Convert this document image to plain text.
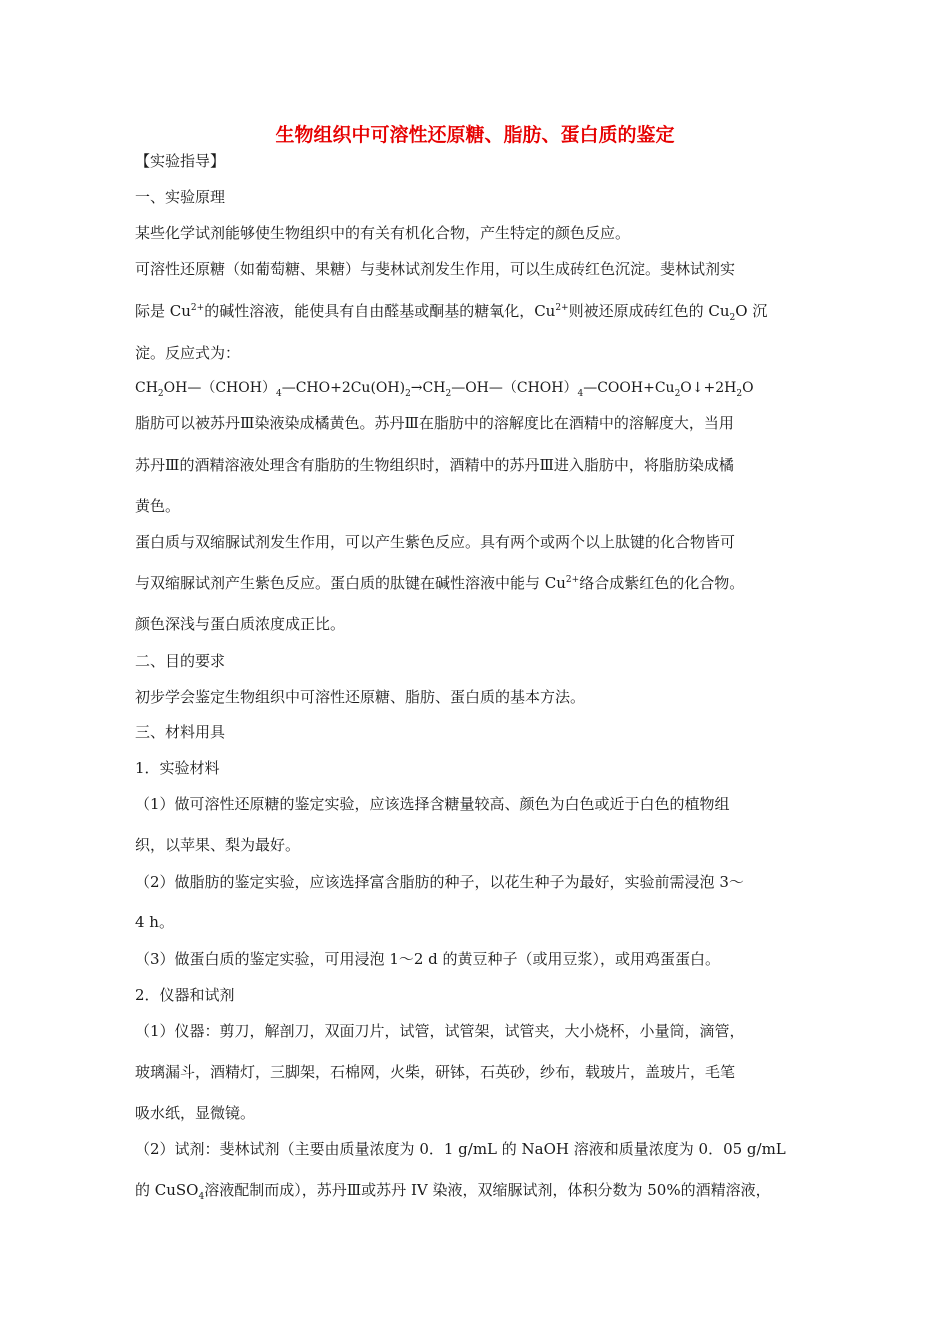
生物组织中可溶性还原糖、脂肪、蛋白质的鉴定
【实验指导】
一、实验原理
某些化学试剂能够使生物组织中的有关有机化合物，产生特定的颜色反应。
可溶性还原糖（如葡萄糖、果糖）与斐林试剂发生作用，可以生成砖红色沉淀。斐林试剂实
际是 $Cu^{2+}$的碱性溶液，能使具有自由醛基或酮基的糖氧化，$Cu^{2+}$则被还原成砖红色的 $Cu_2O$ 沉
淀。反应式为：
$CH_2OH—(CHOH)_4—CHO+2Cu(OH)_2\to CH_2—OH—(CHOH)_4—COOH+Cu_2O↓+2H_2O$
脂肪可以被苏丹Ⅲ染液染成橘黄色。苏丹Ⅲ在脂肪中的溶解度比在酒精中的溶解度大，当用
苏丹Ⅲ的酒精溶液处理含有脂肪的生物组织时，酒精中的苏丹Ⅲ进入脂肪中，将脂肪染成橘
黄色。
蛋白质与双缩脲试剂发生作用，可以产生紫色反应。具有两个或两个以上肽键的化合物皆可
与双缩脲试剂产生紫色反应。蛋白质的肽键在碱性溶液中能与 $Cu^{2+}$络合成紫红色的化合物。
颜色深浅与蛋白质浓度成正比。
二、目的要求
初步学会鉴定生物组织中可溶性还原糖、脂肪、蛋白质的基本方法。
三、材料用具
1．实验材料
（1）做可溶性还原糖的鉴定实验，应该选择含糖量较高、颜色为白色或近于白色的植物组
织，以苹果、梨为最好。
（2）做脂肪的鉴定实验，应该选择富含脂肪的种子，以花生种子为最好，实验前需浸泡 3～
4 h。
（3）做蛋白质的鉴定实验，可用浸泡 1～2 d 的黄豆种子（或用豆浆），或用鸡蛋蛋白。
2．仪器和试剂
（1）仪器：剪刀，解剖刀，双面刀片，试管，试管架，试管夹，大小烧杯，小量筒，滴管，
玻璃漏斗，酒精灯，三脚架，石棉网，火柴，研钵，石英砂，纱布，载玻片，盖玻片，毛笔
吸水纸，显微镜。
（2）试剂：斐林试剂（主要由质量浓度为 0．1 g/mL 的 NaOH 溶液和质量浓度为 0．05 g/mL
的 CuSO$_4$溶液配制而成），苏丹Ⅲ或苏丹 IV 染液，双缩脲试剂，体积分数为 50%的酒精溶液，
